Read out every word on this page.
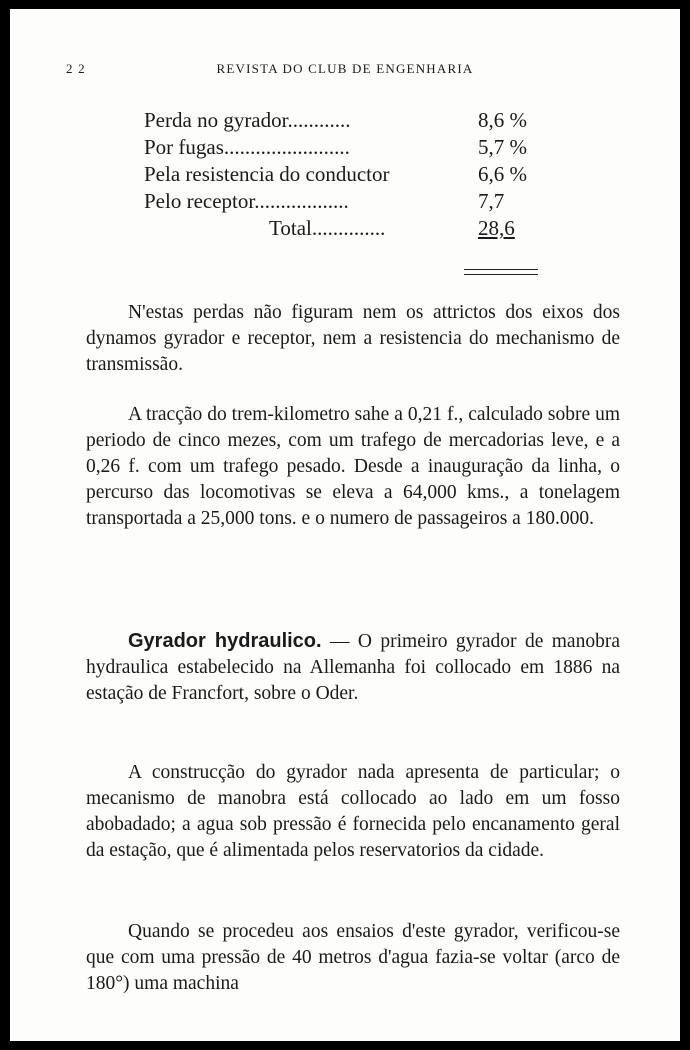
2 2	REVISTA DO CLUB DE ENGENHARIA
Perda no gyrador............	8,6 %
Por fugas........................	5,7 %
Pela resistencia do conductor	6,6 %
Pelo receptor..................	7,7
Total..............	28,6

N'estas perdas não figuram nem os attrictos dos eixos dos dynamos gyrador e receptor, nem a resistencia do mechanismo de transmissão.

A tracção do trem-kilometro sahe a 0,21 f., calculado sobre um periodo de cinco mezes, com um trafego de mercadorias leve, e a 0,26 f. com um trafego pesado. Desde a inauguração da linha, o percurso das locomotivas se eleva a 64,000 kms., a tonelagem transportada a 25,000 tons. e o numero de passageiros a 180.000.

Gyrador hydraulico. — O primeiro gyrador de manobra hydraulica estabelecido na Allemanha foi collocado em 1886 na estação de Francfort, sobre o Oder.

A construcção do gyrador nada apresenta de particular; o mecanismo de manobra está collocado ao lado em um fosso abobadado; a agua sob pressão é fornecida pelo encanamento geral da estação, que é alimentada pelos reservatorios da cidade.

Quando se procedeu aos ensaios d'este gyrador, verificou-se que com uma pressão de 40 metros d'agua fazia-se voltar (arco de 180°) uma machina
